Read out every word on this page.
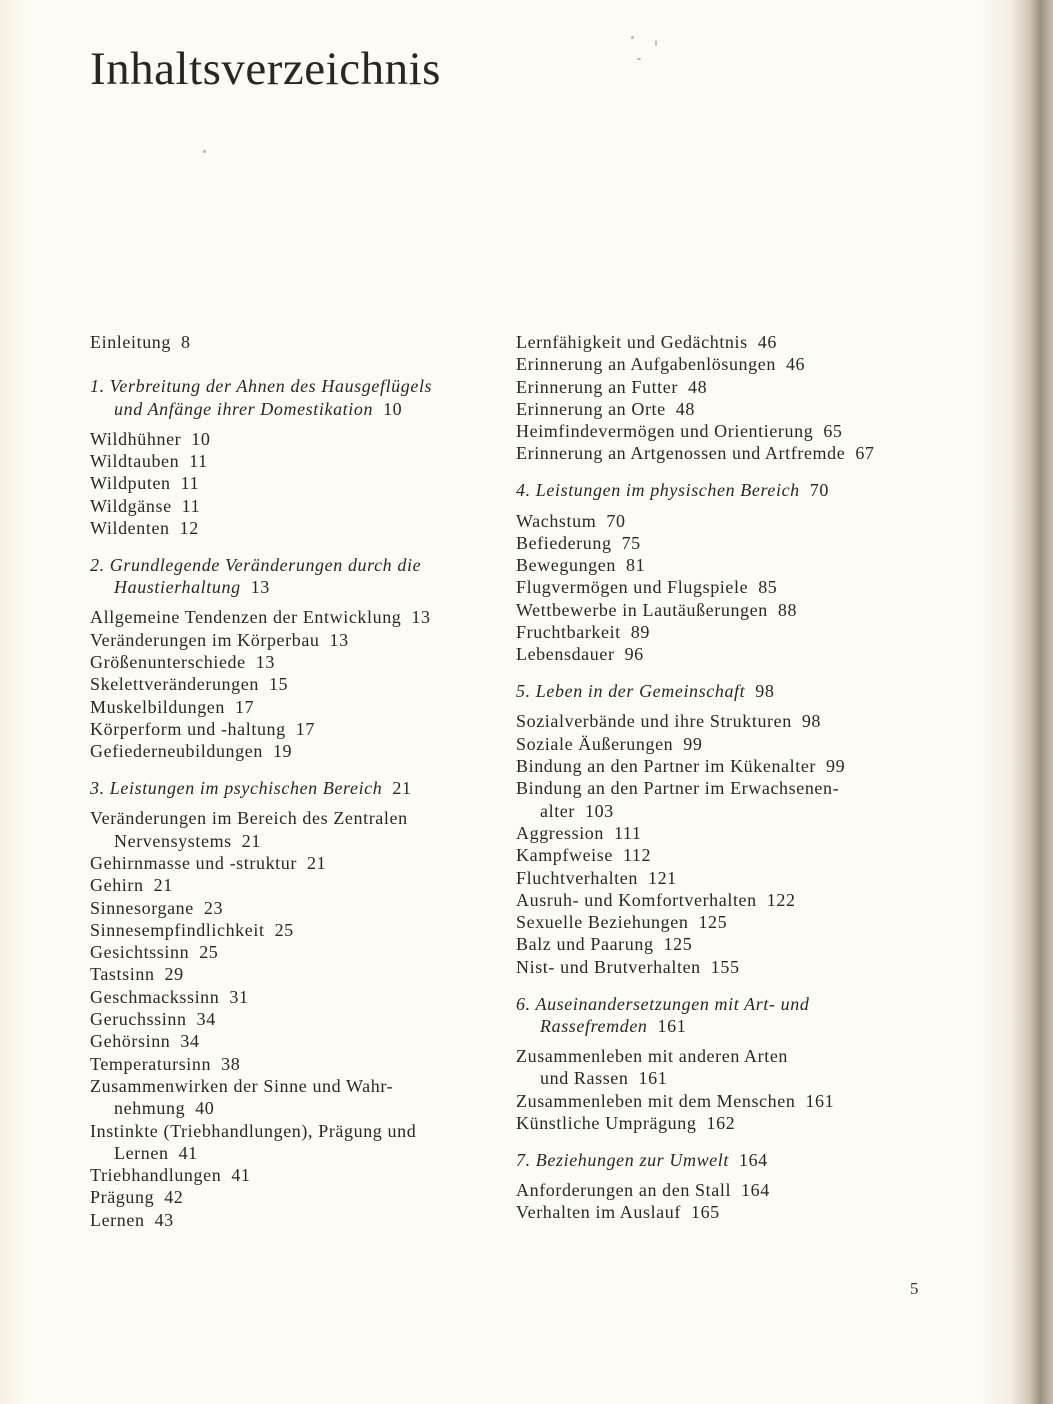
Inhaltsverzeichnis
Einleitung 8
1. Verbreitung der Ahnen des Hausgeflügels
und Anfänge ihrer Domestikation 10
Wildhühner 10
Wildtauben 11
Wildputen 11
Wildgänse 11
Wildenten 12
2. Grundlegende Veränderungen durch die
Haustierhaltung 13
Allgemeine Tendenzen der Entwicklung 13
Veränderungen im Körperbau 13
Größenunterschiede 13
Skelettveränderungen 15
Muskelbildungen 17
Körperform und -haltung 17
Gefiederneubildungen 19
3. Leistungen im psychischen Bereich 21
Veränderungen im Bereich des Zentralen
Nervensystems 21
Gehirnmasse und -struktur 21
Gehirn 21
Sinnesorgane 23
Sinnesempfindlichkeit 25
Gesichtssinn 25
Tastsinn 29
Geschmackssinn 31
Geruchssinn 34
Gehörsinn 34
Temperatursinn 38
Zusammenwirken der Sinne und Wahr-
nehmung 40
Instinkte (Triebhandlungen), Prägung und
Lernen 41
Triebhandlungen 41
Prägung 42
Lernen 43
Lernfähigkeit und Gedächtnis 46
Erinnerung an Aufgabenlösungen 46
Erinnerung an Futter 48
Erinnerung an Orte 48
Heimfindevermögen und Orientierung 65
Erinnerung an Artgenossen und Artfremde 67
4. Leistungen im physischen Bereich 70
Wachstum 70
Befiederung 75
Bewegungen 81
Flugvermögen und Flugspiele 85
Wettbewerbe in Lautäußerungen 88
Fruchtbarkeit 89
Lebensdauer 96
5. Leben in der Gemeinschaft 98
Sozialverbände und ihre Strukturen 98
Soziale Äußerungen 99
Bindung an den Partner im Kükenalter 99
Bindung an den Partner im Erwachsenen-
alter 103
Aggression 111
Kampfweise 112
Fluchtverhalten 121
Ausruh- und Komfortverhalten 122
Sexuelle Beziehungen 125
Balz und Paarung 125
Nist- und Brutverhalten 155
6. Auseinandersetzungen mit Art- und
Rassefremden 161
Zusammenleben mit anderen Arten
und Rassen 161
Zusammenleben mit dem Menschen 161
Künstliche Umprägung 162
7. Beziehungen zur Umwelt 164
Anforderungen an den Stall 164
Verhalten im Auslauf 165
5
